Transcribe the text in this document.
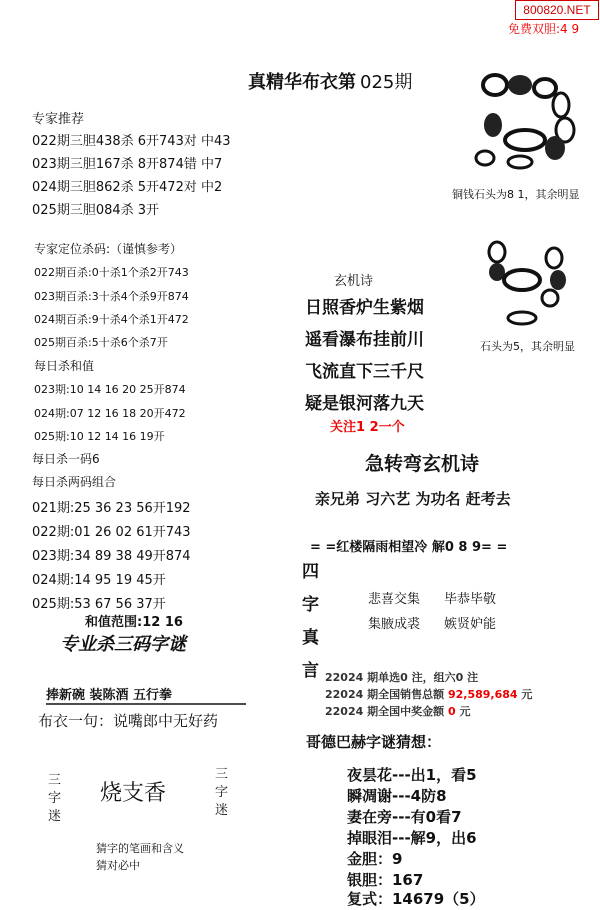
800820.NET
免费双胆:4 9
真精华布衣第 025期
专家推荐
022期三胆438杀 6开743对 中43
023期三胆167杀 8开874错 中7
024期三胆862杀 5开472对 中2
025期三胆084杀 3开
专家定位杀码:（谨慎参考）
022期百杀:0十杀1个杀2开743
023期百杀:3十杀4个杀9开874
024期百杀:9十杀4个杀1开472
025期百杀:5十杀6个杀7开
每日杀和值
023期:10 14 16 20 25开874
024期:07 12 16 18 20开472
025期:10 12 14 16 19开
每日杀一码6
每日杀两码组合
021期:25 36 23 56开192
022期:01 26 02 61开743
023期:34 89 38 49开874
024期:14 95 19 45开
025期:53 67 56 37开
和值范围:12 16
专业杀三码字谜
捧新碗 装陈酒 五行拳
布衣一句：说嘴郎中无好药
三
字
迷
烧支香
三
字
迷
猜字的笔画和含义
猜对必中
铜钱石头为8 1，其余明显
石头为5，其余明显
玄机诗
日照香炉生紫烟
遥看瀑布挂前川
飞流直下三千尺
疑是银河落九天
关注1 2一个
急转弯玄机诗
亲兄弟 习六艺 为功名 赶考去
= =红楼隔雨相望冷 解0 8 9= =
四
字
真
言
悲喜交集 毕恭毕敬
集腋成裘 嫉贤妒能
22024 期单选0 注，组六0 注
22024 期全国销售总额 92,589,684 元
22024 期全国中奖金额 0 元
哥德巴赫字谜猜想：
夜昙花---出1，看5
瞬凋谢---4防8
妻在旁---有0看7
掉眼泪---解9，出6
金胆：9
银胆：167
复式：14679（5）
